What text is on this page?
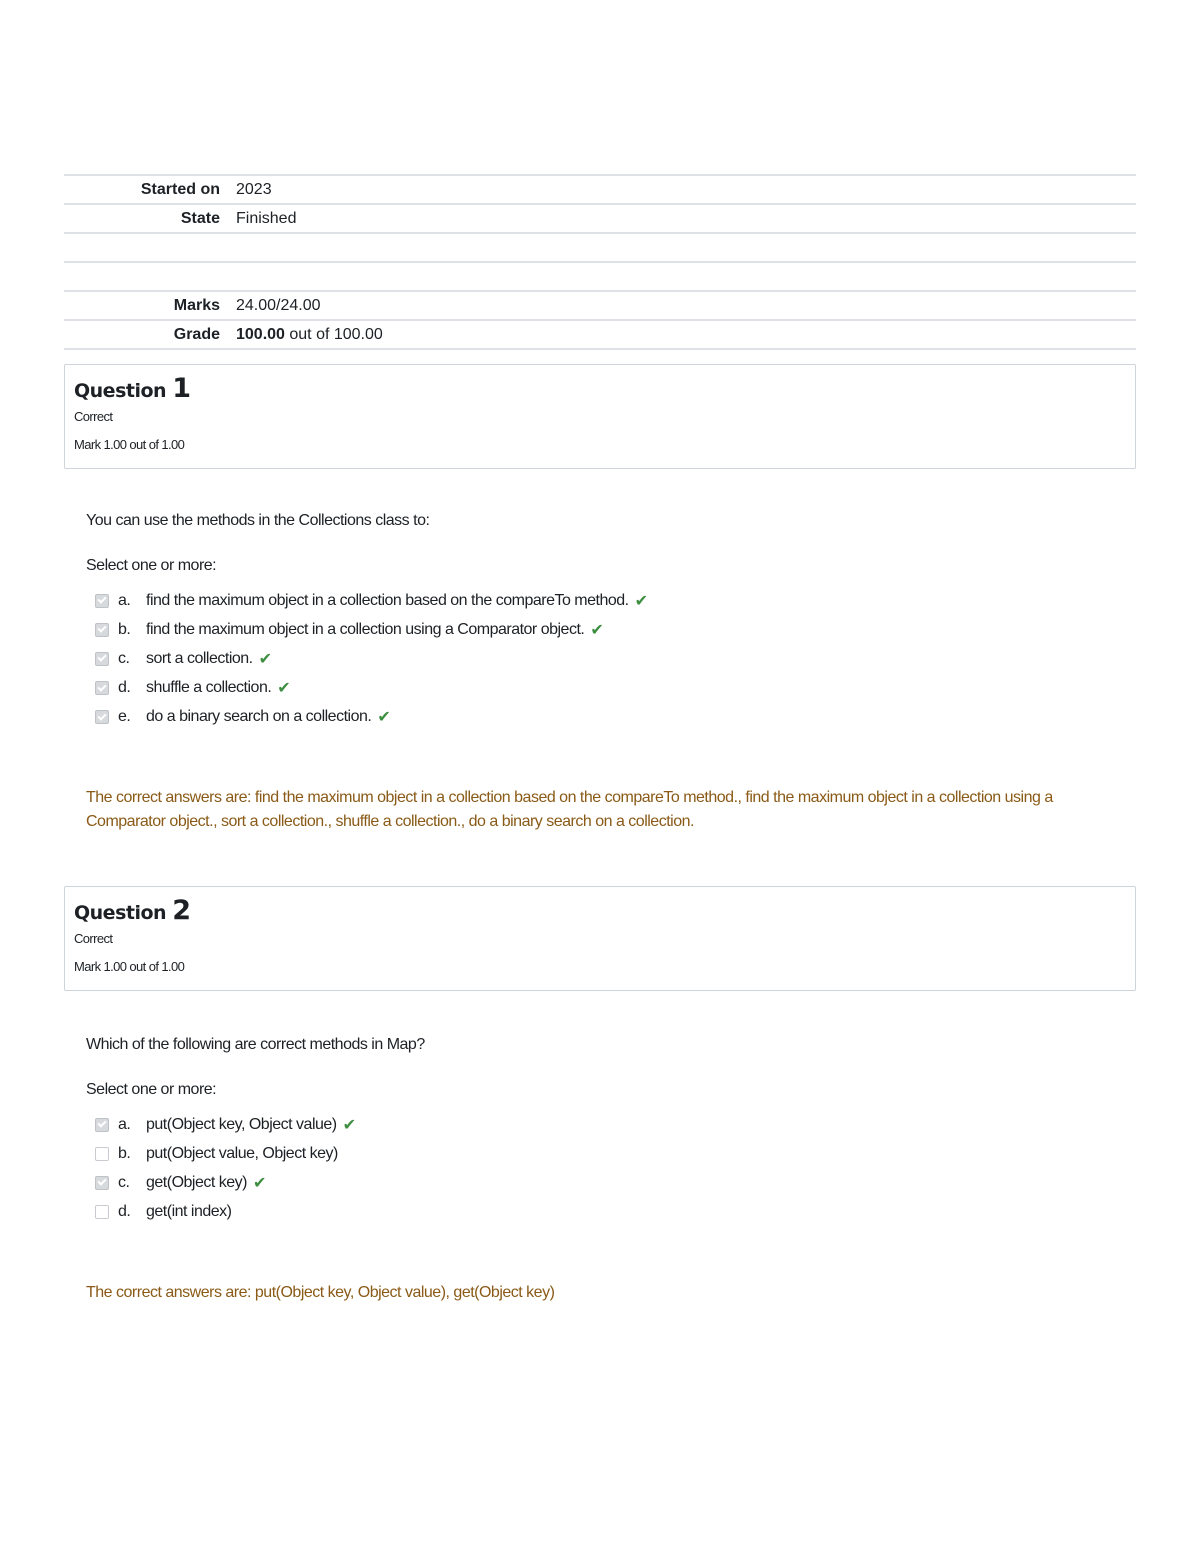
Started on	2023
State	Finished

Marks	24.00/24.00
Grade	100.00 out of 100.00
Question 1
Correct
Mark 1.00 out of 1.00
You can use the methods in the Collections class to:
Select one or more:
a. find the maximum object in a collection based on the compareTo method. ✔
b. find the maximum object in a collection using a Comparator object. ✔
c.	sort a collection. ✔
d. shuffle a collection. ✔
e. do a binary search on a collection. ✔
The correct answers are: find the maximum object in a collection based on the compareTo method., find the maximum object in a collection using a Comparator object., sort a collection., shuffle a collection., do a binary search on a collection.
Question 2
Correct
Mark 1.00 out of 1.00
Which of the following are correct methods in Map?
Select one or more:
a. put(Object key, Object value) ✔
b. put(Object value, Object key)
c.	get(Object key) ✔
d. get(int index)
The correct answers are: put(Object key, Object value), get(Object key)
